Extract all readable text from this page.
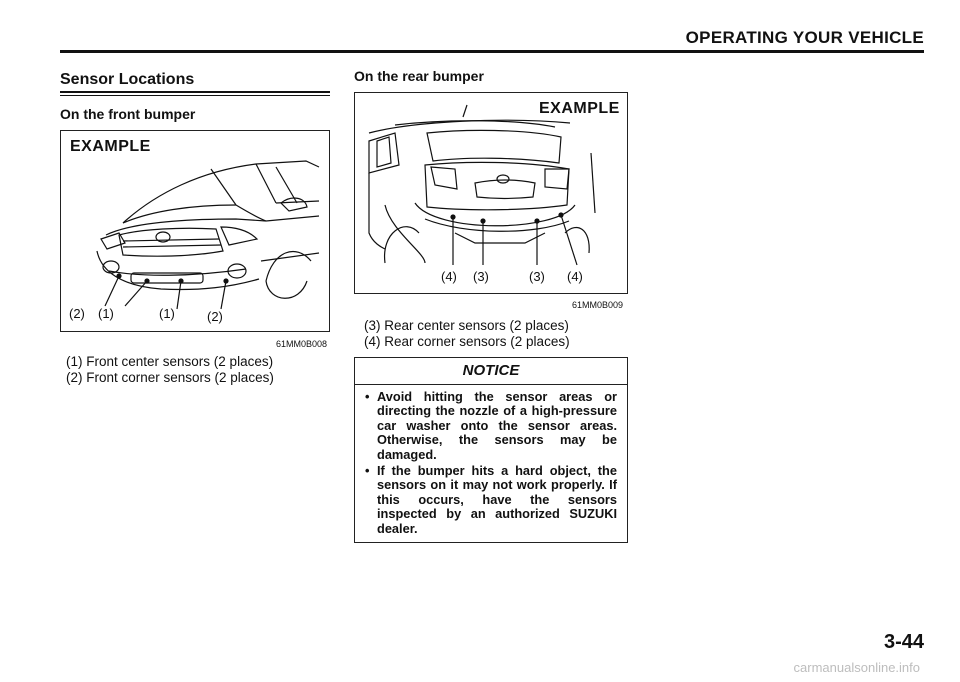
OPERATING YOUR VEHICLE
Sensor Locations
On the front bumper
EXAMPLE
(2) (1)	(1) (2)
61MM0B008
(1) Front center sensors (2 places)
(2) Front corner sensors (2 places)
On the rear bumper
EXAMPLE
(4) (3)	(3) (4)
61MM0B009
(3) Rear center sensors (2 places)
(4) Rear corner sensors (2 places)
NOTICE
• Avoid hitting the sensor areas or directing the nozzle of a high-pressure car washer onto the sensor areas. Otherwise, the sensors may be damaged.
• If the bumper hits a hard object, the sensors on it may not work properly. If this occurs, have the sensors inspected by an authorized SUZUKI dealer.
3-44
carmanualsonline.info
